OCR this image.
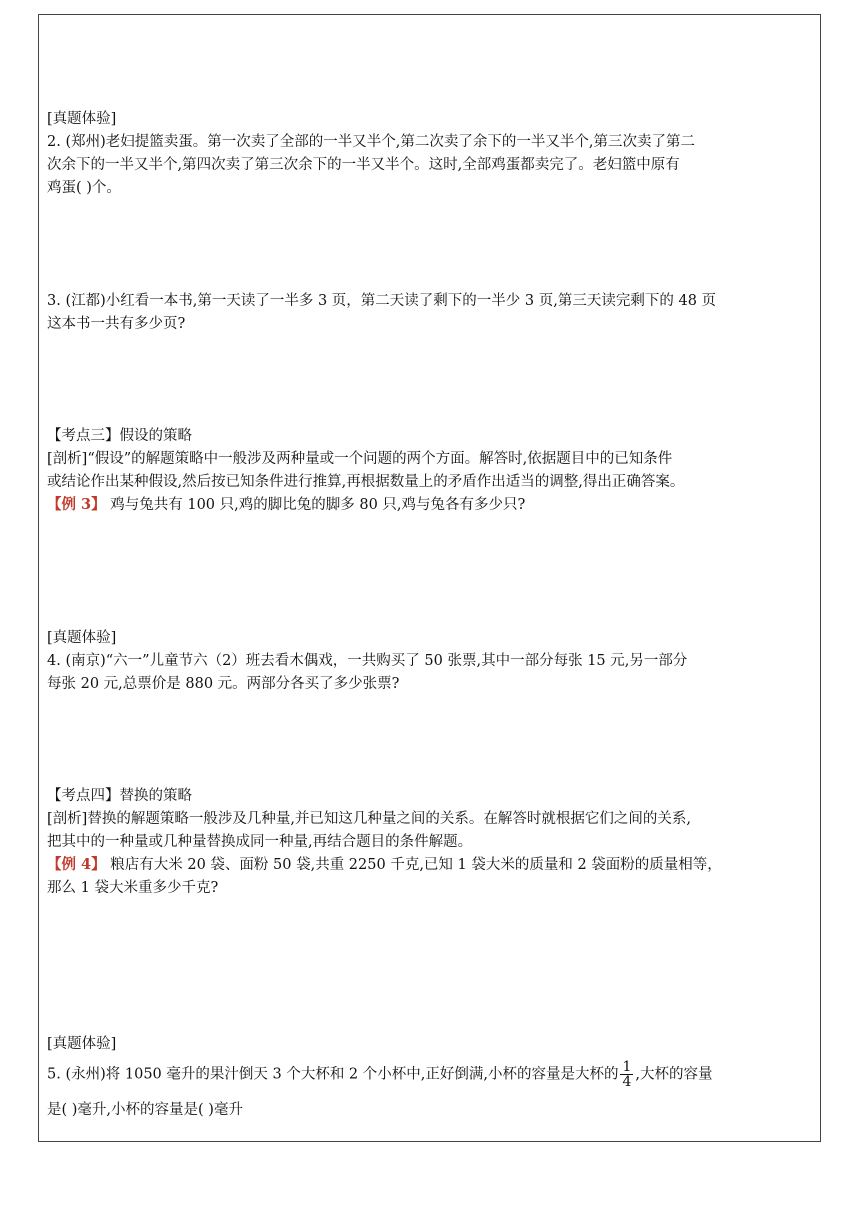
[真题体验]
2. (郑州)老妇提篮卖蛋。第一次卖了全部的一半又半个,第二次卖了余下的一半又半个,第三次卖了第二
次余下的一半又半个,第四次卖了第三次余下的一半又半个。这时,全部鸡蛋都卖完了。老妇篮中原有
鸡蛋( )个。
3. (江都)小红看一本书,第一天读了一半多 3 页，第二天读了剩下的一半少 3 页,第三天读完剩下的 48 页
这本书一共有多少页?
【考点三】假设的策略
[剖析]“假设”的解题策略中一般涉及两种量或一个问题的两个方面。解答时,依据题目中的已知条件
或结论作出某种假设,然后按已知条件进行推算,再根据数量上的矛盾作出适当的调整,得出正确答案。
【例 3】 鸡与兔共有 100 只,鸡的脚比兔的脚多 80 只,鸡与兔各有多少只?
[真题体验]
4. (南京)“六一”儿童节六（2）班去看木偶戏，一共购买了 50 张票,其中一部分每张 15 元,另一部分
每张 20 元,总票价是 880 元。两部分各买了多少张票?
【考点四】替换的策略
[剖析]替换的解题策略一般涉及几种量,并已知这几种量之间的关系。在解答时就根据它们之间的关系,
把其中的一种量或几种量替换成同一种量,再结合题目的条件解题。
【例 4】 粮店有大米 20 袋、面粉 50 袋,共重 2250 千克,已知 1 袋大米的质量和 2 袋面粉的质量相等，
那么 1 袋大米重多少千克?
[真题体验]
5. (永州)将 1050 毫升的果汁倒天 3 个大杯和 2 个小杯中,正好倒满,小杯的容量是大杯的 $\frac{1}{4}$ ,大杯的容量
是( )毫升,小杯的容量是( )毫升
